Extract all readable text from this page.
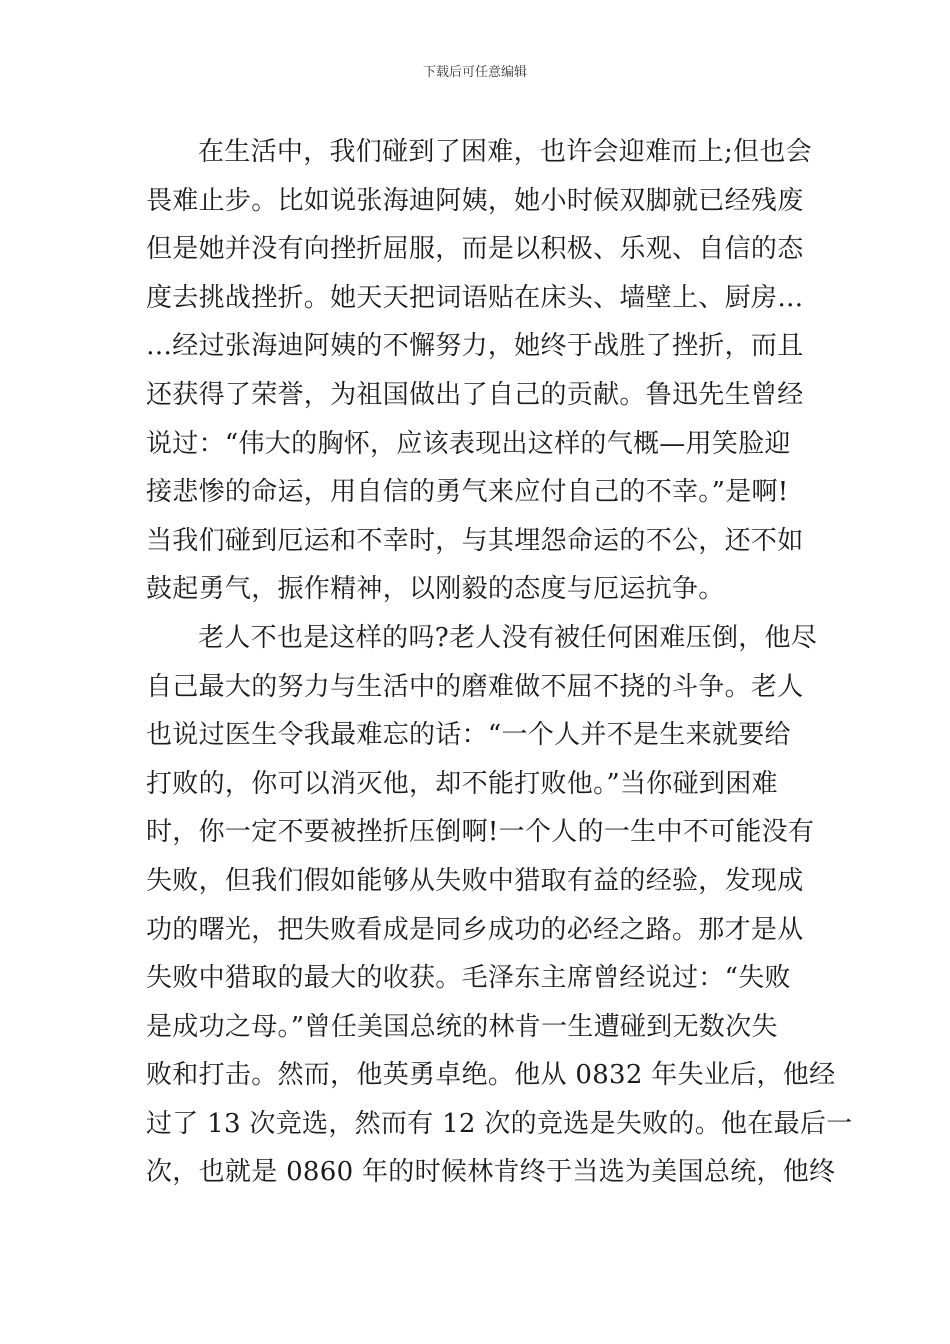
下载后可任意编辑
在生活中，我们碰到了困难，也许会迎难而上;但也会
畏难止步。比如说张海迪阿姨，她小时候双脚就已经残废
但是她并没有向挫折屈服，而是以积极、乐观、自信的态
度去挑战挫折。她天天把词语贴在床头、墙壁上、厨房…
…经过张海迪阿姨的不懈努力，她终于战胜了挫折，而且
还获得了荣誉，为祖国做出了自己的贡献。鲁迅先生曾经
说过：“伟大的胸怀，应该表现出这样的气概—用笑脸迎
接悲惨的命运，用自信的勇气来应付自己的不幸。”是啊!
当我们碰到厄运和不幸时，与其埋怨命运的不公，还不如
鼓起勇气，振作精神，以刚毅的态度与厄运抗争。
老人不也是这样的吗?老人没有被任何困难压倒，他尽
自己最大的努力与生活中的磨难做不屈不挠的斗争。老人
也说过医生令我最难忘的话：“一个人并不是生来就要给
打败的，你可以消灭他，却不能打败他。”当你碰到困难
时，你一定不要被挫折压倒啊!一个人的一生中不可能没有
失败，但我们假如能够从失败中猎取有益的经验，发现成
功的曙光，把失败看成是同乡成功的必经之路。那才是从
失败中猎取的最大的收获。毛泽东主席曾经说过：“失败
是成功之母。”曾任美国总统的林肯一生遭碰到无数次失
败和打击。然而，他英勇卓绝。他从 0832 年失业后，他经
过了 13 次竞选，然而有 12 次的竞选是失败的。他在最后一
次，也就是 0860 年的时候林肯终于当选为美国总统，他终
